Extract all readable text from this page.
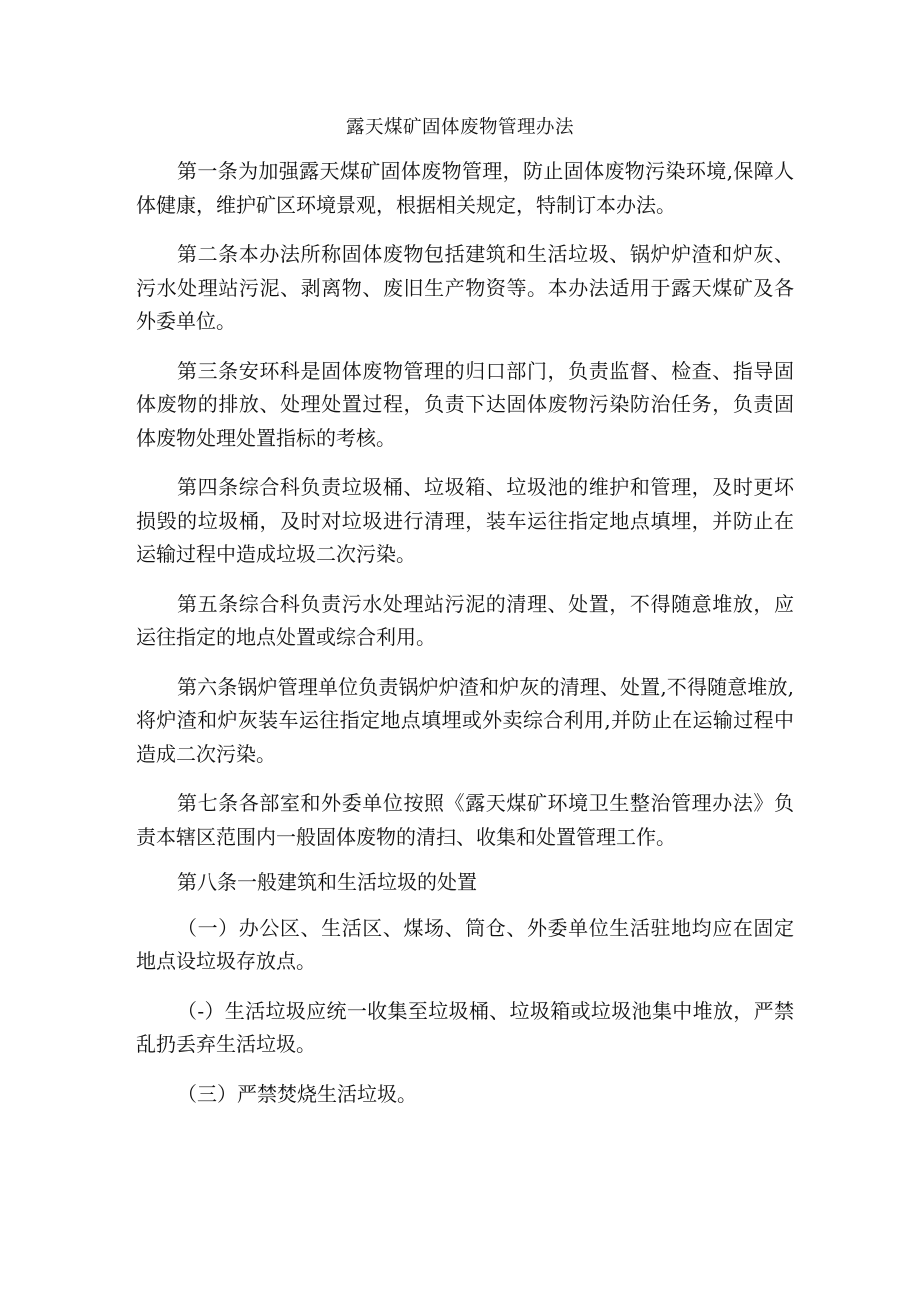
露天煤矿固体废物管理办法

第一条为加强露天煤矿固体废物管理，防止固体废物污染环境,保障人体健康，维护矿区环境景观，根据相关规定，特制订本办法。

第二条本办法所称固体废物包括建筑和生活垃圾、锅炉炉渣和炉灰、污水处理站污泥、剥离物、废旧生产物资等。本办法适用于露天煤矿及各外委单位。

第三条安环科是固体废物管理的归口部门，负责监督、检查、指导固体废物的排放、处理处置过程，负责下达固体废物污染防治任务，负责固体废物处理处置指标的考核。

第四条综合科负责垃圾桶、垃圾箱、垃圾池的维护和管理，及时更坏损毁的垃圾桶，及时对垃圾进行清理，装车运往指定地点填埋，并防止在运输过程中造成垃圾二次污染。

第五条综合科负责污水处理站污泥的清理、处置，不得随意堆放，应运往指定的地点处置或综合利用。

第六条锅炉管理单位负责锅炉炉渣和炉灰的清理、处置,不得随意堆放,将炉渣和炉灰装车运往指定地点填埋或外卖综合利用,并防止在运输过程中造成二次污染。

第七条各部室和外委单位按照《露天煤矿环境卫生整治管理办法》负责本辖区范围内一般固体废物的清扫、收集和处置管理工作。

第八条一般建筑和生活垃圾的处置

（一）办公区、生活区、煤场、筒仓、外委单位生活驻地均应在固定地点设垃圾存放点。

（-）生活垃圾应统一收集至垃圾桶、垃圾箱或垃圾池集中堆放，严禁乱扔丢弃生活垃圾。

（三）严禁焚烧生活垃圾。
